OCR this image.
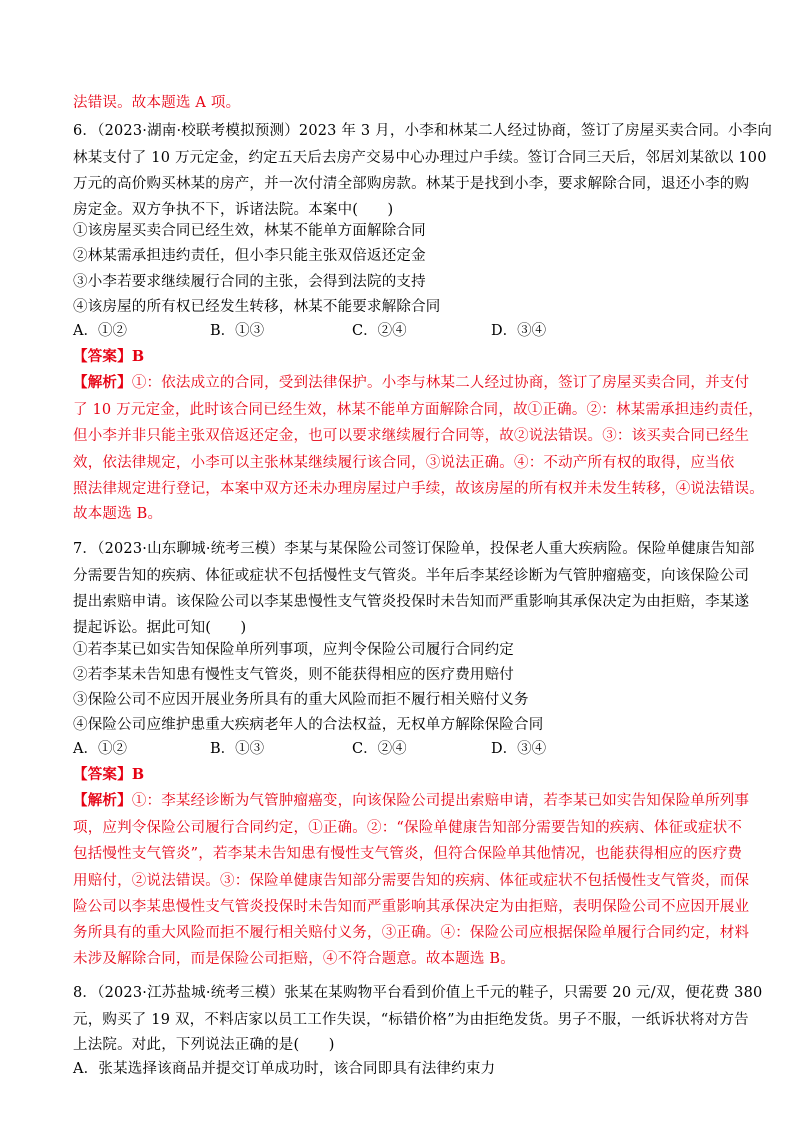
法错误。故本题选 A 项。
6．（2023·湖南·校联考模拟预测）2023 年 3 月，小李和林某二人经过协商，签订了房屋买卖合同。小李向
林某支付了 10 万元定金，约定五天后去房产交易中心办理过户手续。签订合同三天后，邻居刘某欲以 100
万元的高价购买林某的房产，并一次付清全部购房款。林某于是找到小李，要求解除合同，退还小李的购
房定金。双方争执不下，诉诸法院。本案中(　　)
①该房屋买卖合同已经生效，林某不能单方面解除合同
②林某需承担违约责任，但小李只能主张双倍返还定金
③小李若要求继续履行合同的主张，会得到法院的支持
④该房屋的所有权已经发生转移，林某不能要求解除合同
A．①②	B．①③	C．②④	D．③④
【答案】B
【解析】①：依法成立的合同，受到法律保护。小李与林某二人经过协商，签订了房屋买卖合同，并支付
了 10 万元定金，此时该合同已经生效，林某不能单方面解除合同，故①正确。②：林某需承担违约责任，
但小李并非只能主张双倍返还定金，也可以要求继续履行合同等，故②说法错误。③：该买卖合同已经生
效，依法律规定，小李可以主张林某继续履行该合同，③说法正确。④：不动产所有权的取得，应当依
照法律规定进行登记，本案中双方还未办理房屋过户手续，故该房屋的所有权并未发生转移，④说法错误。
故本题选 B。
7．（2023·山东聊城·统考三模）李某与某保险公司签订保险单，投保老人重大疾病险。保险单健康告知部
分需要告知的疾病、体征或症状不包括慢性支气管炎。半年后李某经诊断为气管肿瘤癌变，向该保险公司
提出索赔申请。该保险公司以李某患慢性支气管炎投保时未告知而严重影响其承保决定为由拒赔，李某遂
提起诉讼。据此可知(　　)
①若李某已如实告知保险单所列事项，应判令保险公司履行合同约定
②若李某未告知患有慢性支气管炎，则不能获得相应的医疗费用赔付
③保险公司不应因开展业务所具有的重大风险而拒不履行相关赔付义务
④保险公司应维护患重大疾病老年人的合法权益，无权单方解除保险合同
A．①②	B．①③	C．②④	D．③④
【答案】B
【解析】①：李某经诊断为气管肿瘤癌变，向该保险公司提出索赔申请，若李某已如实告知保险单所列事
项，应判令保险公司履行合同约定，①正确。②：“保险单健康告知部分需要告知的疾病、体征或症状不
包括慢性支气管炎”，若李某未告知患有慢性支气管炎，但符合保险单其他情况，也能获得相应的医疗费
用赔付，②说法错误。③：保险单健康告知部分需要告知的疾病、体征或症状不包括慢性支气管炎，而保
险公司以李某患慢性支气管炎投保时未告知而严重影响其承保决定为由拒赔，表明保险公司不应因开展业
务所具有的重大风险而拒不履行相关赔付义务，③正确。④：保险公司应根据保险单履行合同约定，材料
未涉及解除合同，而是保险公司拒赔，④不符合题意。故本题选 B。
8．（2023·江苏盐城·统考三模）张某在某购物平台看到价值上千元的鞋子，只需要 20 元/双，便花费 380
元，购买了 19 双，不料店家以员工工作失误，“标错价格”为由拒绝发货。男子不服，一纸诉状将对方告
上法院。对此，下列说法正确的是(　　)
A．张某选择该商品并提交订单成功时，该合同即具有法律约束力
